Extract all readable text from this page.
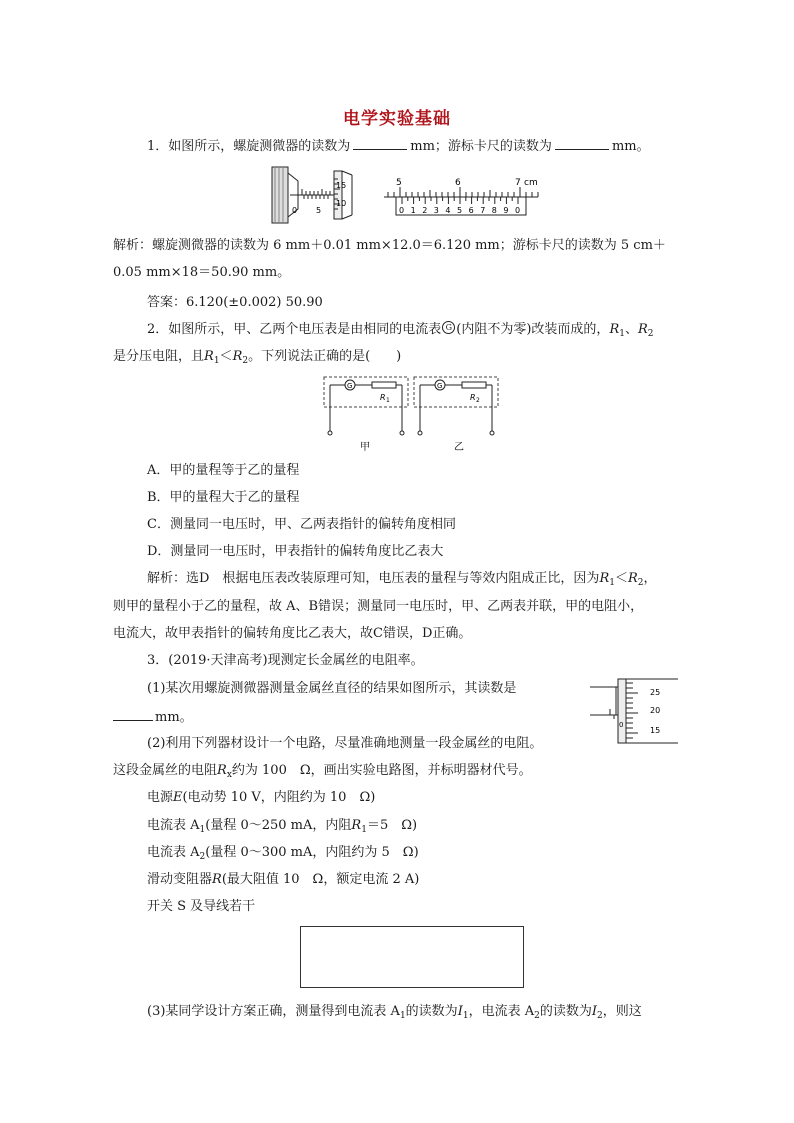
电学实验基础
1．如图所示，螺旋测微器的读数为	mm；游标卡尺的读数为	mm。
15
10
0 5
5	6	7 cm
0 1 2 3 4 5 6 7 8 9 0
解析：螺旋测微器的读数为 6 mm＋0.01 mm×12.0＝6.120 mm；游标卡尺的读数为 5 cm＋
0.05 mm×18＝50.90 mm。
答案：6.120(±0.002) 50.90
2．如图所示，甲、乙两个电压表是由相同的电流表 G (内阻不为零)改装而成的，$R_1$、$R_2$
是分压电阻，且$R_1<R_2$。下列说法正确的是(　　)
G
R 1
G
R 2
甲	乙
A．甲的量程等于乙的量程
B．甲的量程大于乙的量程
C．测量同一电压时，甲、乙两表指针的偏转角度相同
D．测量同一电压时，甲表指针的偏转角度比乙表大
解析：选D　根据电压表改装原理可知，电压表的量程与等效内阻成正比，因为$R_1<R_2$，
则甲的量程小于乙的量程，故 A、B错误；测量同一电压时，甲、乙两表并联，甲的电阻小，
电流大，故甲表指针的偏转角度比乙表大，故C错误，D正确。
3．(2019·天津高考)现测定长金属丝的电阻率。
(1)某次用螺旋测微器测量金属丝直径的结果如图所示，其读数是
mm。
25
20
15
0
(2)利用下列器材设计一个电路，尽量准确地测量一段金属丝的电阻。
这段金属丝的电阻$R_x$约为 100　Ω，画出实验电路图，并标明器材代号。
电源E(电动势 10 V，内阻约为 10　Ω)
电流表 $A_1$(量程 0～250 mA，内阻$R_1=5$　Ω)
电流表 $A_2$(量程 0～300 mA，内阻约为 5　Ω)
滑动变阻器R(最大阻值 10　Ω，额定电流 2 A)
开关 S 及导线若干
(3)某同学设计方案正确，测量得到电流表 $A_1$的读数为$I_1$，电流表 $A_2$的读数为$I_2$，则这
